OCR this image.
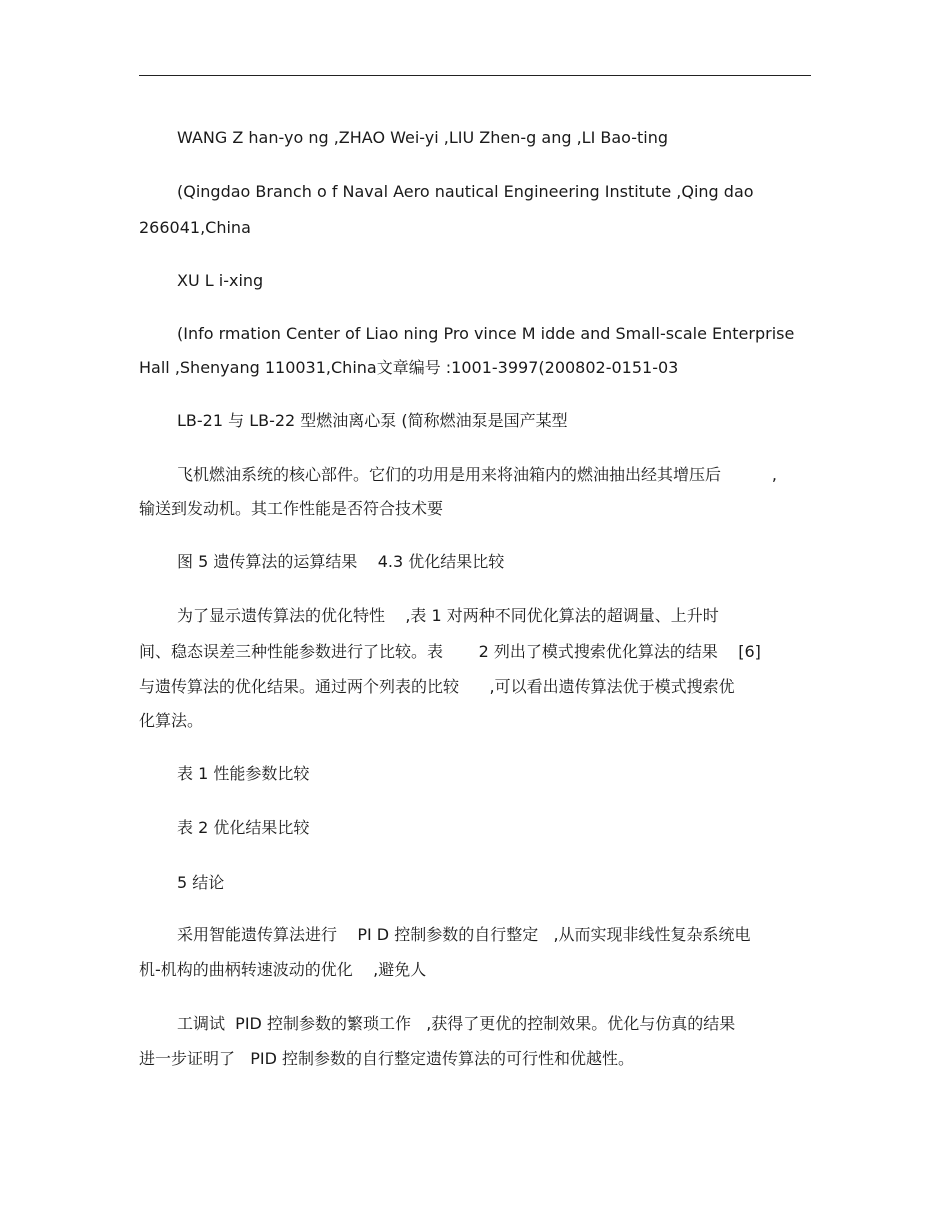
WANG Z han-yo ng ,ZHAO Wei-yi ,LIU Zhen-g ang ,LI Bao-ting

(Qingdao Branch o f Naval Aero nautical Engineering Institute ,Qing dao

266041,China

XU L i-xing

(Info rmation Center of Liao ning Pro vince M idde and Small-scale Enterprise

Hall ,Shenyang 110031,China文章编号 :1001-3997(200802-0151-03

LB-21 与 LB-22 型燃油离心泵 (简称燃油泵是国产某型

飞机燃油系统的核心部件。它们的功用是用来将油箱内的燃油抽出经其增压后          ,

输送到发动机。其工作性能是否符合技术要

图 5 遗传算法的运算结果    4.3 优化结果比较

为了显示遗传算法的优化特性    ,表 1 对两种不同优化算法的超调量、上升时

间、稳态误差三种性能参数进行了比较。表       2 列出了模式搜索优化算法的结果    [6]

与遗传算法的优化结果。通过两个列表的比较      ,可以看出遗传算法优于模式搜索优

化算法。

表 1 性能参数比较

表 2 优化结果比较

5 结论

采用智能遗传算法进行    PI D 控制参数的自行整定   ,从而实现非线性复杂系统电

机-机构的曲柄转速波动的优化    ,避免人

工调试  PID 控制参数的繁琐工作   ,获得了更优的控制效果。优化与仿真的结果

进一步证明了   PID 控制参数的自行整定遗传算法的可行性和优越性。
